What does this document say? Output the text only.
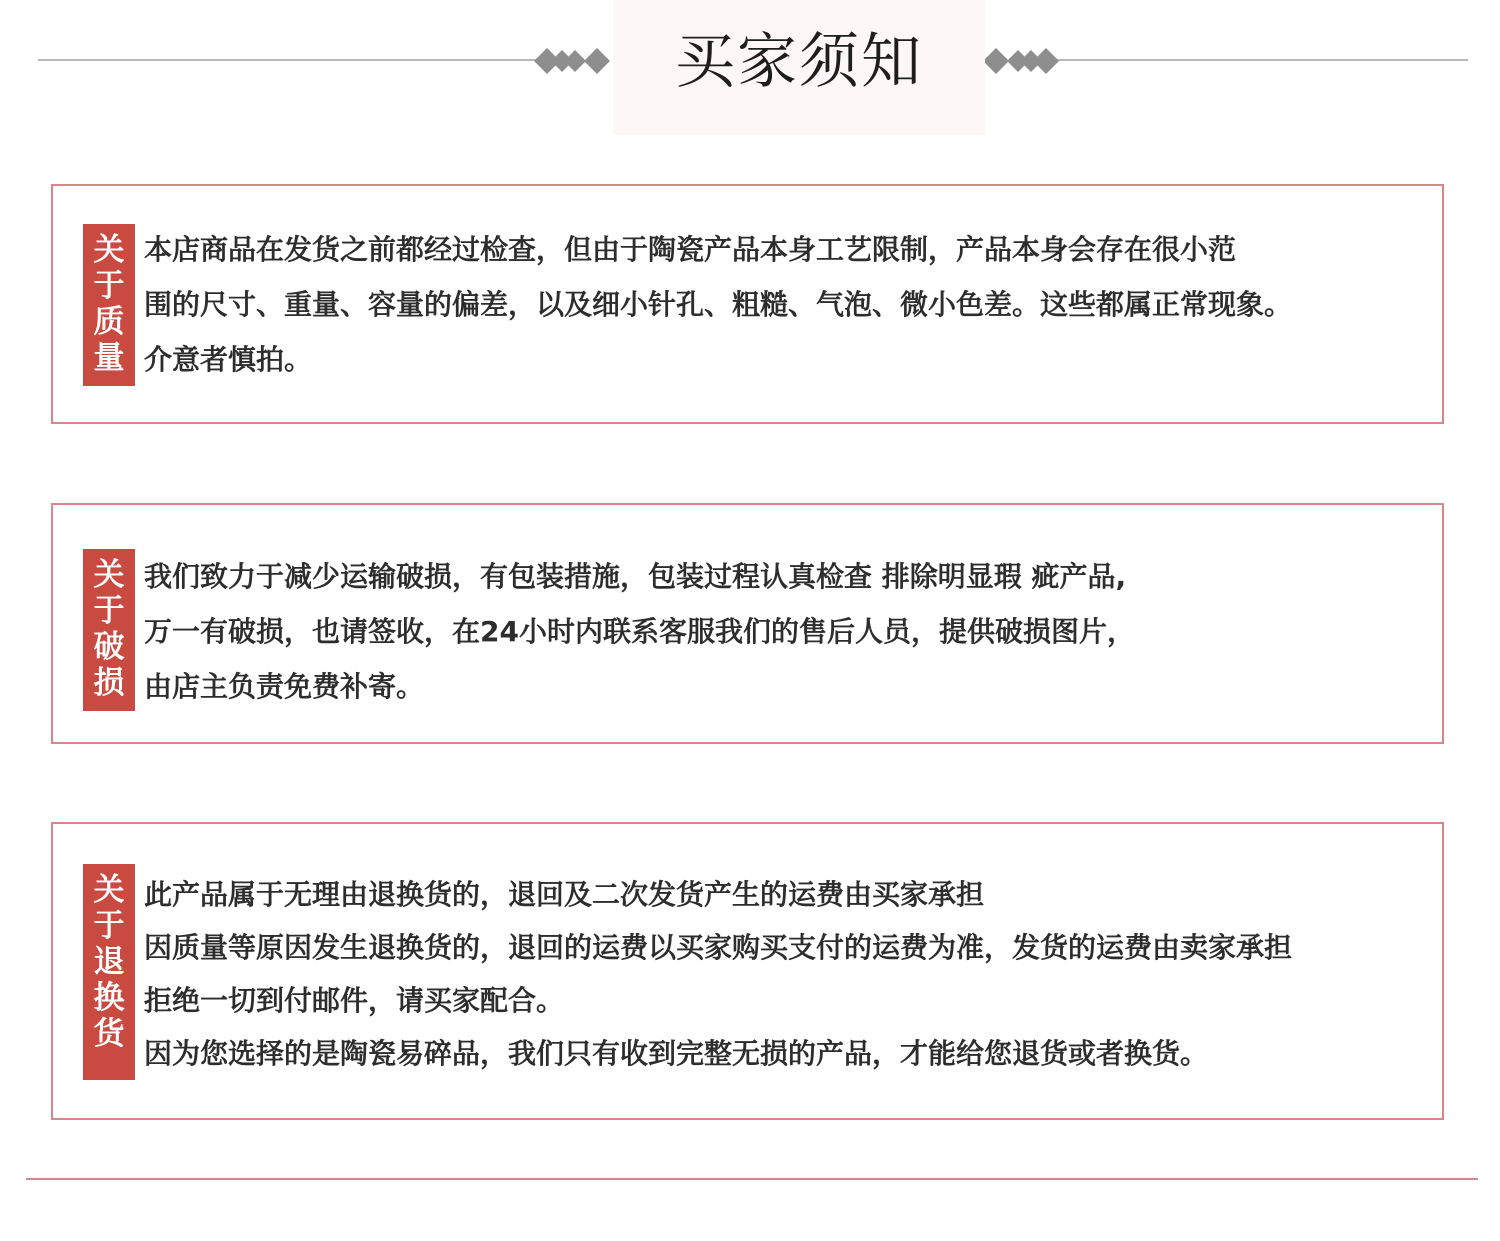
买家须知
关
于
质
量
本店商品在发货之前都经过检查，但由于陶瓷产品本身工艺限制，产品本身会存在很小范
围的尺寸、重量、容量的偏差，以及细小针孔、粗糙、气泡、微小色差。这些都属正常现象。
介意者慎拍。
关
于
破
损
我们致力于减少运输破损，有包装措施，包装过程认真检查 排除明显瑕 疵产品,
万一有破损，也请签收，在24小时内联系客服我们的售后人员，提供破损图片，
由店主负责免费补寄。
关
于
退
换
货
此产品属于无理由退换货的，退回及二次发货产生的运费由买家承担
因质量等原因发生退换货的，退回的运费以买家购买支付的运费为准，发货的运费由卖家承担
拒绝一切到付邮件，请买家配合。
因为您选择的是陶瓷易碎品，我们只有收到完整无损的产品，才能给您退货或者换货。
